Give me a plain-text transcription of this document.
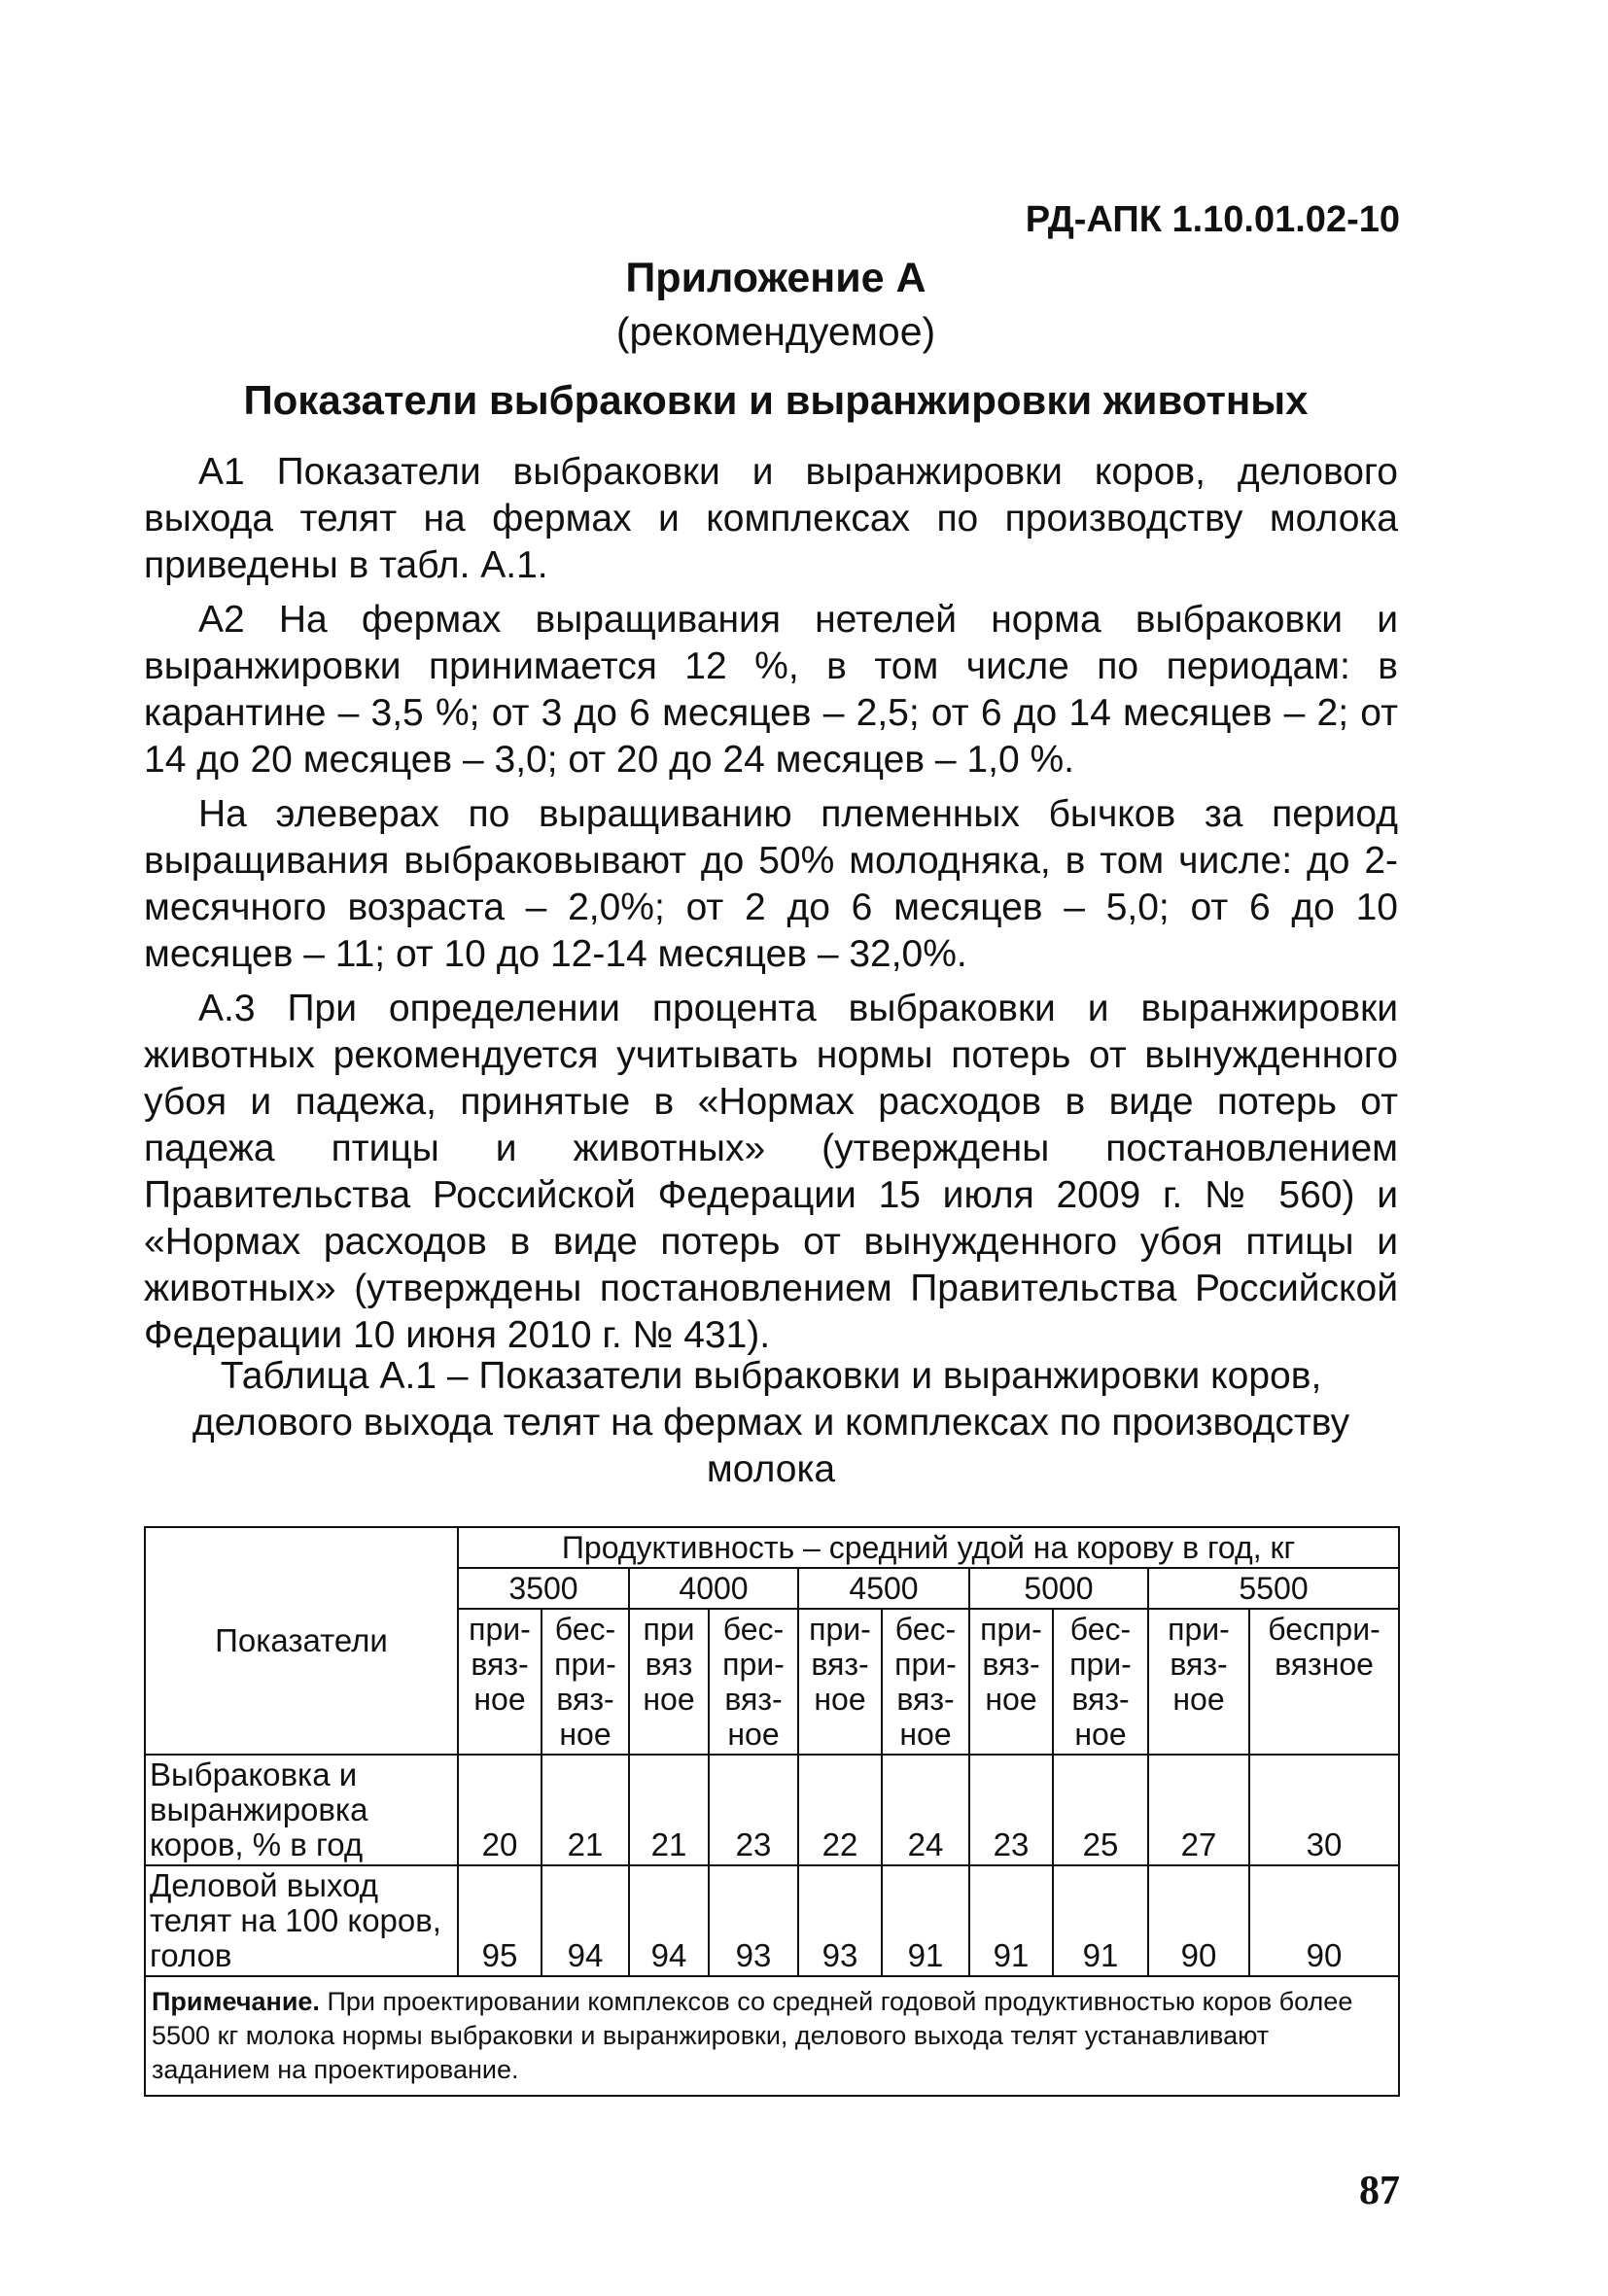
РД-АПК 1.10.01.02-10
Приложение А
(рекомендуемое)
Показатели выбраковки и выранжировки животных

А1 Показатели выбраковки и выранжировки коров, делового выхода телят на фермах и комплексах по производству молока приведены в табл. А.1.

А2 На фермах выращивания нетелей норма выбраковки и выранжировки принимается 12 %, в том числе по периодам: в карантине – 3,5 %; от 3 до 6 месяцев – 2,5; от 6 до 14 месяцев – 2; от 14 до 20 месяцев – 3,0; от 20 до 24 месяцев – 1,0 %.

На элеверах по выращиванию племенных бычков за период выращивания выбраковывают до 50% молодняка, в том числе: до 2-месячного возраста – 2,0%; от 2 до 6 месяцев – 5,0; от 6 до 10 месяцев – 11; от 10 до 12-14 месяцев – 32,0%.

А.3 При определении процента выбраковки и выранжировки животных рекомендуется учитывать нормы потерь от вынужденного убоя и падежа, принятые в «Нормах расходов в виде потерь от падежа птицы и животных» (утверждены постановлением Правительства Российской Федерации 15 июля 2009 г. № 560) и «Нормах расходов в виде потерь от вынужденного убоя птицы и животных» (утверждены постановлением Правительства Российской Федерации 10 июня 2010 г. № 431).

Таблица А.1 – Показатели выбраковки и выранжировки коров, делового выхода телят на фермах и комплексах по производству молока
Показатели	Продуктивность – средний удой на корову в год, кг									
	3500		4000		4500		5000		5500	
	при-вяз-ное	бес-при-вяз-ное	при вяз ное	бес-при-вяз-ное	при-вяз-ное	бес-при-вяз-ное	при-вяз-ное	бес-при-вяз-ное	при-вяз-ное	беспри-вязное
Выбраковка и выранжировка коров, % в год	20	21	21	23	22	24	23	25	27	30
Деловой выход телят на 100 коров, голов	95	94	94	93	93	91	91	91	90	90
Примечание. При проектировании комплексов со средней годовой продуктивностью коров более 5500 кг молока нормы выбраковки и выранжировки, делового выхода телят устанавливают заданием на проектирование.										
87
